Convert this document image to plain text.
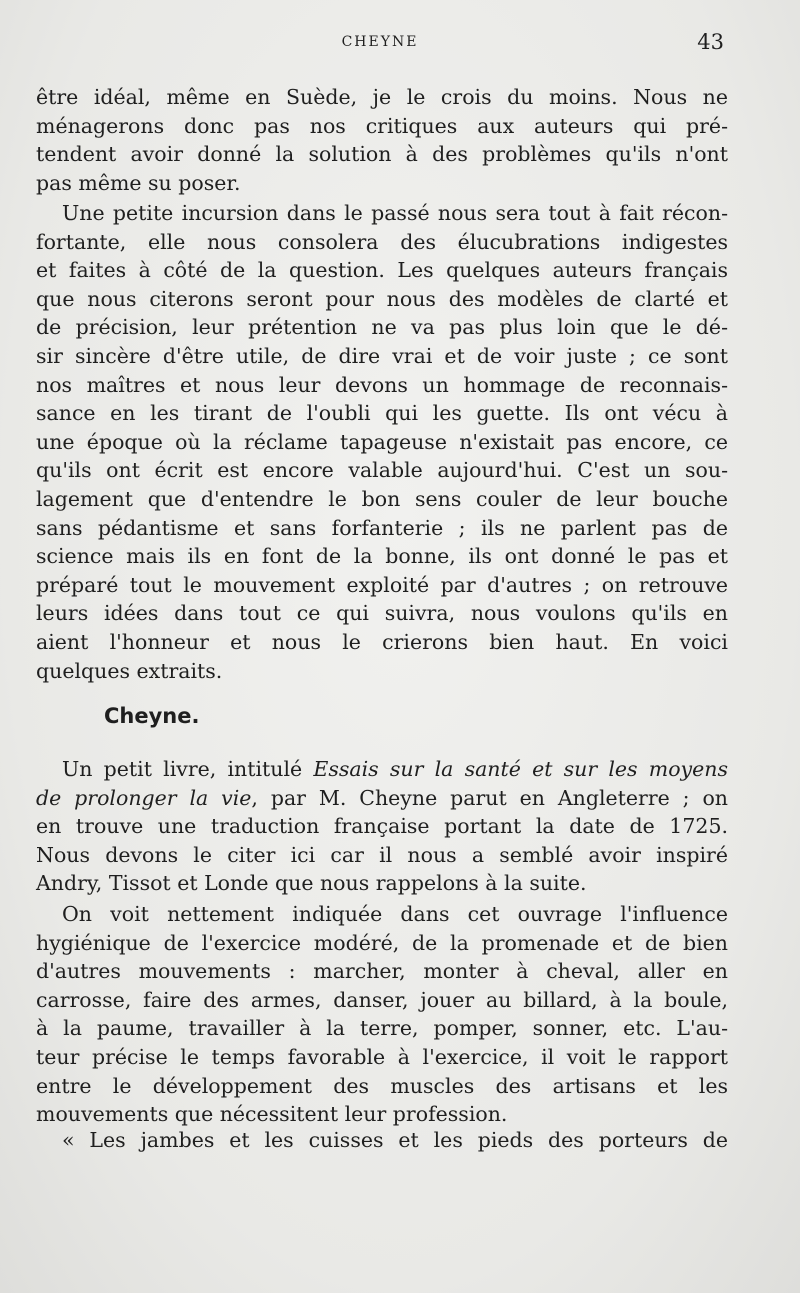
CHEYNE	43
être idéal, même en Suède, je le crois du moins. Nous ne
ménagerons donc pas nos critiques aux auteurs qui pré-
tendent avoir donné la solution à des problèmes qu'ils n'ont
pas même su poser.
Une petite incursion dans le passé nous sera tout à fait récon-
fortante, elle nous consolera des élucubrations indigestes
et faites à côté de la question. Les quelques auteurs français
que nous citerons seront pour nous des modèles de clarté et
de précision, leur prétention ne va pas plus loin que le dé-
sir sincère d'être utile, de dire vrai et de voir juste ; ce sont
nos maîtres et nous leur devons un hommage de reconnais-
sance en les tirant de l'oubli qui les guette. Ils ont vécu à
une époque où la réclame tapageuse n'existait pas encore, ce
qu'ils ont écrit est encore valable aujourd'hui. C'est un sou-
lagement que d'entendre le bon sens couler de leur bouche
sans pédantisme et sans forfanterie ; ils ne parlent pas de
science mais ils en font de la bonne, ils ont donné le pas et
préparé tout le mouvement exploité par d'autres ; on retrouve
leurs idées dans tout ce qui suivra, nous voulons qu'ils en
aient l'honneur et nous le crierons bien haut. En voici
quelques extraits.
Cheyne.
Un petit livre, intitulé Essais sur la santé et sur les moyens
de prolonger la vie, par M. Cheyne parut en Angleterre ; on
en trouve une traduction française portant la date de 1725.
Nous devons le citer ici car il nous a semblé avoir inspiré
Andry, Tissot et Londe que nous rappelons à la suite.
On voit nettement indiquée dans cet ouvrage l'influence
hygiénique de l'exercice modéré, de la promenade et de bien
d'autres mouvements : marcher, monter à cheval, aller en
carrosse, faire des armes, danser, jouer au billard, à la boule,
à la paume, travailler à la terre, pomper, sonner, etc. L'au-
teur précise le temps favorable à l'exercice, il voit le rapport
entre le développement des muscles des artisans et les
mouvements que nécessitent leur profession.
« Les jambes et les cuisses et les pieds des porteurs de
